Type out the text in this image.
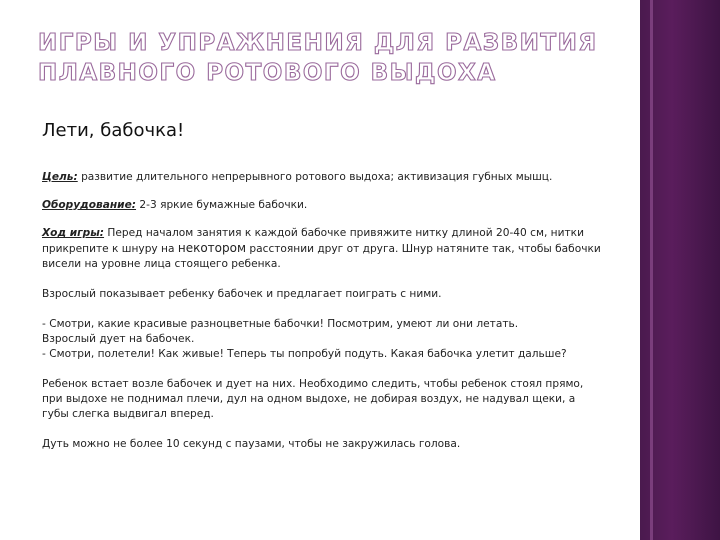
ИГРЫ И УПРАЖНЕНИЯ ДЛЯ РАЗВИТИЯ
ПЛАВНОГО РОТОВОГО ВЫДОХА
Лети, бабочка!

Цель: развитие длительного непрерывного ротового выдоха; активизация губных мышц.

Оборудование: 2-3 яркие бумажные бабочки.

Ход игры: Перед началом занятия к каждой бабочке привяжите нитку длиной 20-40 см, нитки
прикрепите к шнуру на некотором расстоянии друг от друга. Шнур натяните так, чтобы бабочки
висели на уровне лица стоящего ребенка.

Взрослый показывает ребенку бабочек и предлагает поиграть с ними.

- Смотри, какие красивые разноцветные бабочки! Посмотрим, умеют ли они летать.
Взрослый дует на бабочек.
- Смотри, полетели! Как живые! Теперь ты попробуй подуть. Какая бабочка улетит дальше?

Ребенок встает возле бабочек и дует на них. Необходимо следить, чтобы ребенок стоял прямо,
при выдохе не поднимал плечи, дул на одном выдохе, не добирая воздух, не надувал щеки, а
губы слегка выдвигал вперед.

Дуть можно не более 10 секунд с паузами, чтобы не закружилась голова.
